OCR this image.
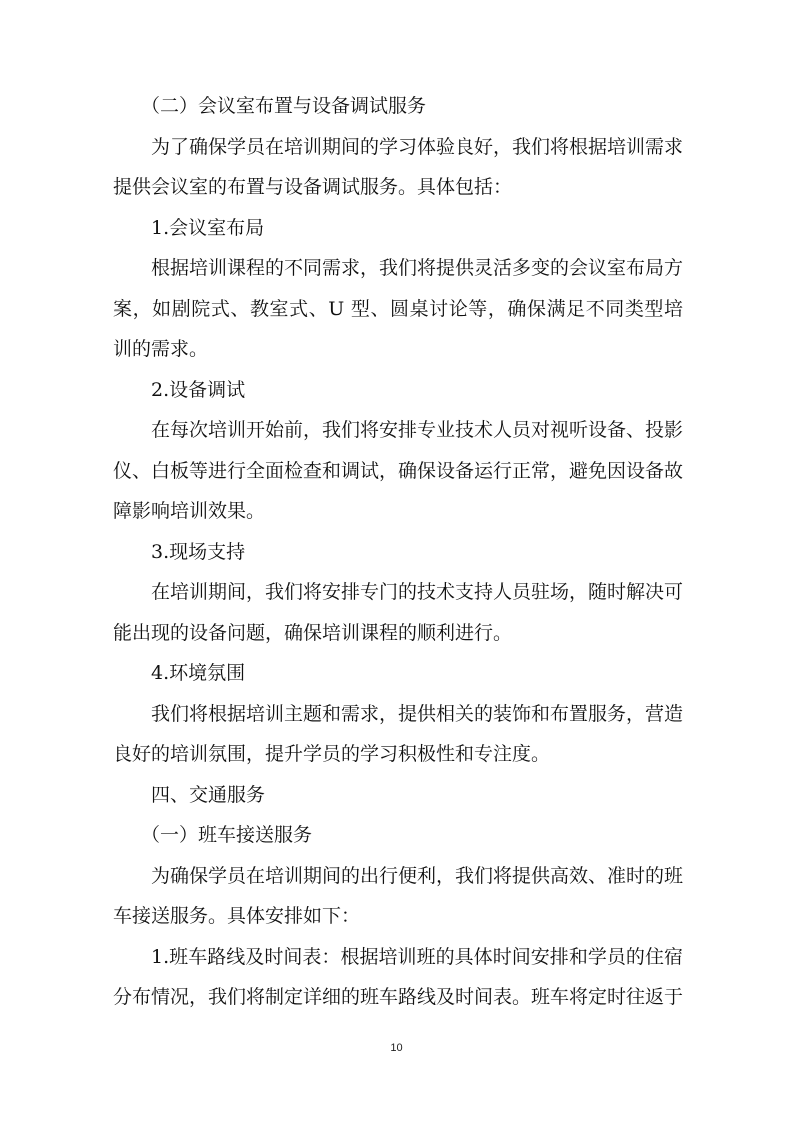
（二）会议室布置与设备调试服务

为了确保学员在培训期间的学习体验良好，我们将根据培训需求提供会议室的布置与设备调试服务。具体包括：

1.会议室布局

根据培训课程的不同需求，我们将提供灵活多变的会议室布局方案，如剧院式、教室式、U 型、圆桌讨论等，确保满足不同类型培训的需求。

2.设备调试

在每次培训开始前，我们将安排专业技术人员对视听设备、投影仪、白板等进行全面检查和调试，确保设备运行正常，避免因设备故障影响培训效果。

3.现场支持

在培训期间，我们将安排专门的技术支持人员驻场，随时解决可能出现的设备问题，确保培训课程的顺利进行。

4.环境氛围

我们将根据培训主题和需求，提供相关的装饰和布置服务，营造良好的培训氛围，提升学员的学习积极性和专注度。

四、交通服务

（一）班车接送服务

为确保学员在培训期间的出行便利，我们将提供高效、准时的班车接送服务。具体安排如下：

1.班车路线及时间表：根据培训班的具体时间安排和学员的住宿分布情况，我们将制定详细的班车路线及时间表。班车将定时往返于

10
